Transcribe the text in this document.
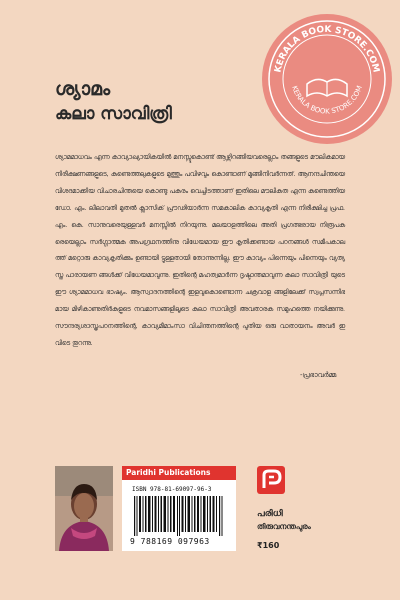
KERALA BOOK STORE.COM
KERALA BOOK STORE.COM
ശ്യാമം
കലാ സാവിത്രി

ശ്യാമമാധവം എന്ന കാവ്യാഖ്യായികയിൽ മനസ്സുകൊണ്ട് ആഴ്ന്നിറങ്ങിയവരെല്ലാം തങ്ങളുടെ മൗലികമായ നിരീക്ഷണങ്ങളുടെ, കണ്ടെത്തലുകളുടെ മുത്തും പവിഴവും കൊണ്ടാണ് മുങ്ങിനിവർന്നത്. ആനന്ദചിന്തയെ വിശദമാക്കിയ വിചാരചിന്തയെ കൊണ്ടു പകരം വെച്ചിടത്താണ് ഇതിലെ മൗലികത എന്ന കണ്ടെത്തിയ ഡോ. എം. ലീലാവതി മുതൽ ക്ലാസിക് പ്രൗഢിയാർന്ന സമകാലിക കാവ്യകൃതി എന്ന നിരീക്ഷിച്ച പ്രഫ. എം. കെ. സാനുവരെയുള്ളവർ മനസ്സിൽ നിറയുന്നു. മലയാളത്തിലെ അതി പ്രഗത്ഭരായ നിരൂപകരെയെല്ലാം സർഗ്ഗാത്മക അപഗ്രഥനത്തിനു വിധേയമായ ഈ കൃതിക്കണ്ടായ പഠനങ്ങൾ സമീപകാലത്ത് മറ്റൊരു കാവ്യകൃതിക്കും ഉണ്ടായി ട്ടുള്ളതായി തോന്നുന്നില്ല. ഈ കാവ്യം പിന്നെയും പിന്നെയും വ്യത്യസ്ത പാരായണ ങ്ങൾക്ക് വിധേയമാവുന്നു. ഇതിന്റെ മഹത്വമാർന്ന ദൃഷ്ടാന്തമാവുന്ന കലാ സാവിത്രി യുടെ ഈ ശ്യാമമാധവ ഭാഷ്യം. ആസ്വാദനത്തിന്റെ ഇളവുകൊണ്ടൊന്ന ചക്രവാള ങ്ങളിലേക്ക് സ്വപ്നസന്നിഭമായ മിഴികാണുതിർകളുടെ നവമാസങ്ങളിലൂടെ കലാ സാവിത്രി അവതാരക സമുഹത്തെ നയിക്കുന്നു. സൗന്ദര്യശാസ്ത്രപഠനത്തിന്റെ, കാവ്യമീമാംസാ വിചിന്തനത്തിന്റെ പുതിയ ഒരു വാതായനം അവർ ഇവിടെ തുറന്നു.

-പ്രഭാവർമ്മ
Paridhi Publications
ISBN 978-81-69097-96-3
9 788169 097963
പരിധി
തിരുവനന്തപുരം
₹160
